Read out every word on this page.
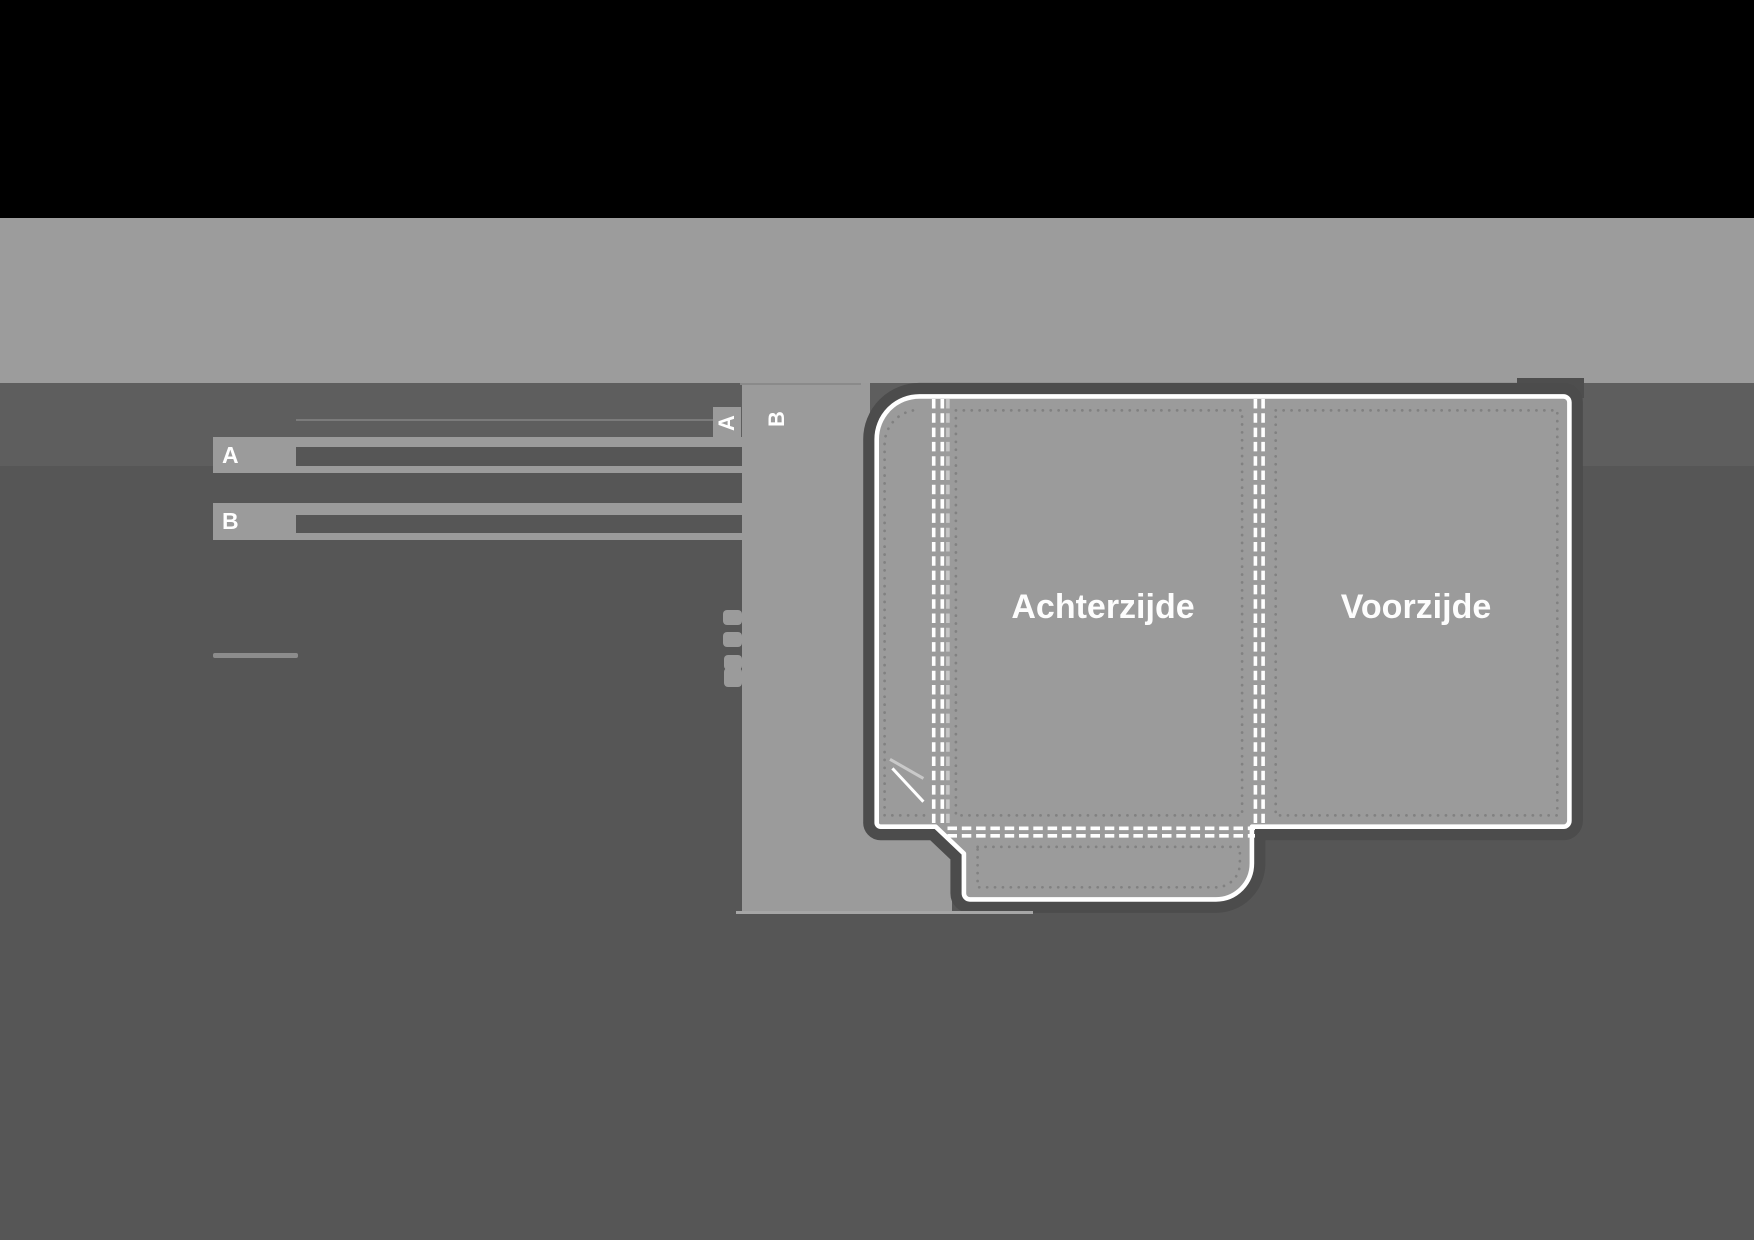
A
B
A B
Achterzijde	Voorzijde
